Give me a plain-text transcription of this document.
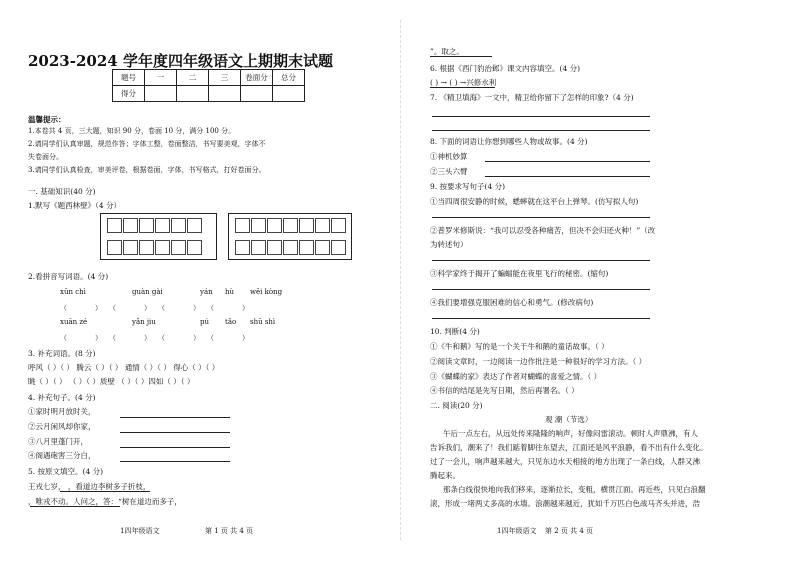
2023-2024 学年度四年级语文上期期末试题
题号	一	二	三	卷面分	总分
得分					
温馨提示：
1.本卷共 4 页，三大题，知识 90 分，卷面 10 分，满分 100 分。
2.请同学们认真审题，规范作答；字体工整，卷面整洁，书写要美观，字体不
失卷面分。
3.请同学们认真检查，审美评卷，根据卷面，字体，书写格式，打好卷面分。
一. 基础知识(40 分)
1.默写《题西林壁》（4 分）
2.看拼音写词语。(4 分)
xūn chì	guàn gài	yán hù wēi kòng
（　　　　）　　（　　　　）　　（　　　　）　　（　　　　）
xuān zé	yǎn jiu	pú tǎo shū shì
（　　　　）　　（　　　　）　　（　　　　）　　（　　　　）
3. 补充词语。(8 分)
呼风（ ）（ ） 腾云（ ）（ ） 通情（ ）（ ） 得心（ ）（ ）
眺（ ）（ ） （ ）（ ）质壁 （ ）（ ）四如（ ）（ ）
4. 补充句子。(4 分)
①家时明月放时关，
②云月闲风却你家，
③八月里蓬门开，
④阁遇砲害三分白，
5. 按原文填空。(4 分)
王戎七岁， ，看道边李树多子折枝，
，唯戎不动。人问之，答：“树在道边而多子，
1四年级语文	第 1 页 共 4 页
”。取之。
6. 根据《西门豹治邺》课文内容填空。(4 分)
( ) → ( ) →兴修水利
7. 《精卫填海》一文中，精卫给你留下了怎样的印象?（4 分)
8. 下面的词语让你想到哪些人物或故事。(4 分)
①神机妙算
②三头六臂
9. 按要求写句子(4 分)
①当四周很安静的时候，蟋蟀就在这平台上弹琴。(仿写拟人句)
②普罗米修斯说：“我可以忍受各种痛苦，但决不会归还火种！”（改
为转述句）
③科学家终于揭开了蝙蝠能在夜里飞行的秘密。(缩句)
④我们要增强克服困难的信心和勇气。(修改病句)
10. 判断(4 分)
①《牛和鹅》写的是一个关于牛和鹅的童话故事。（ ）
②阅读文章时，一边阅读一边作批注是一种很好的学习方法。（ ）
③《蝴蝶的家》表达了作者对蝴蝶的喜爱之情。（ ）
④书信的结尾是先写日期，然后再署名。（ ）
二. 阅读(20 分)
观 潮（节选）
午后一点左右，从远处传来隆隆的响声，好像闷雷滚动。顿时人声鼎沸，有人
告诉我们，潮来了！我们踮着脚往东望去，江面还是风平浪静，看不出有什么变化。
过了一会儿，响声越来越大，只见东边水天相接的地方出现了一条白线，人群又沸
腾起来。
那条白线很快地向我们移来，逐渐拉长，变粗，横贯江面。再近些，只见白浪翻
滚，形成一堵两丈多高的水墙。浪潮越来越近，犹如千万匹白色战马齐头并进，浩
1四年级语文 第 2 页 共 4 页
